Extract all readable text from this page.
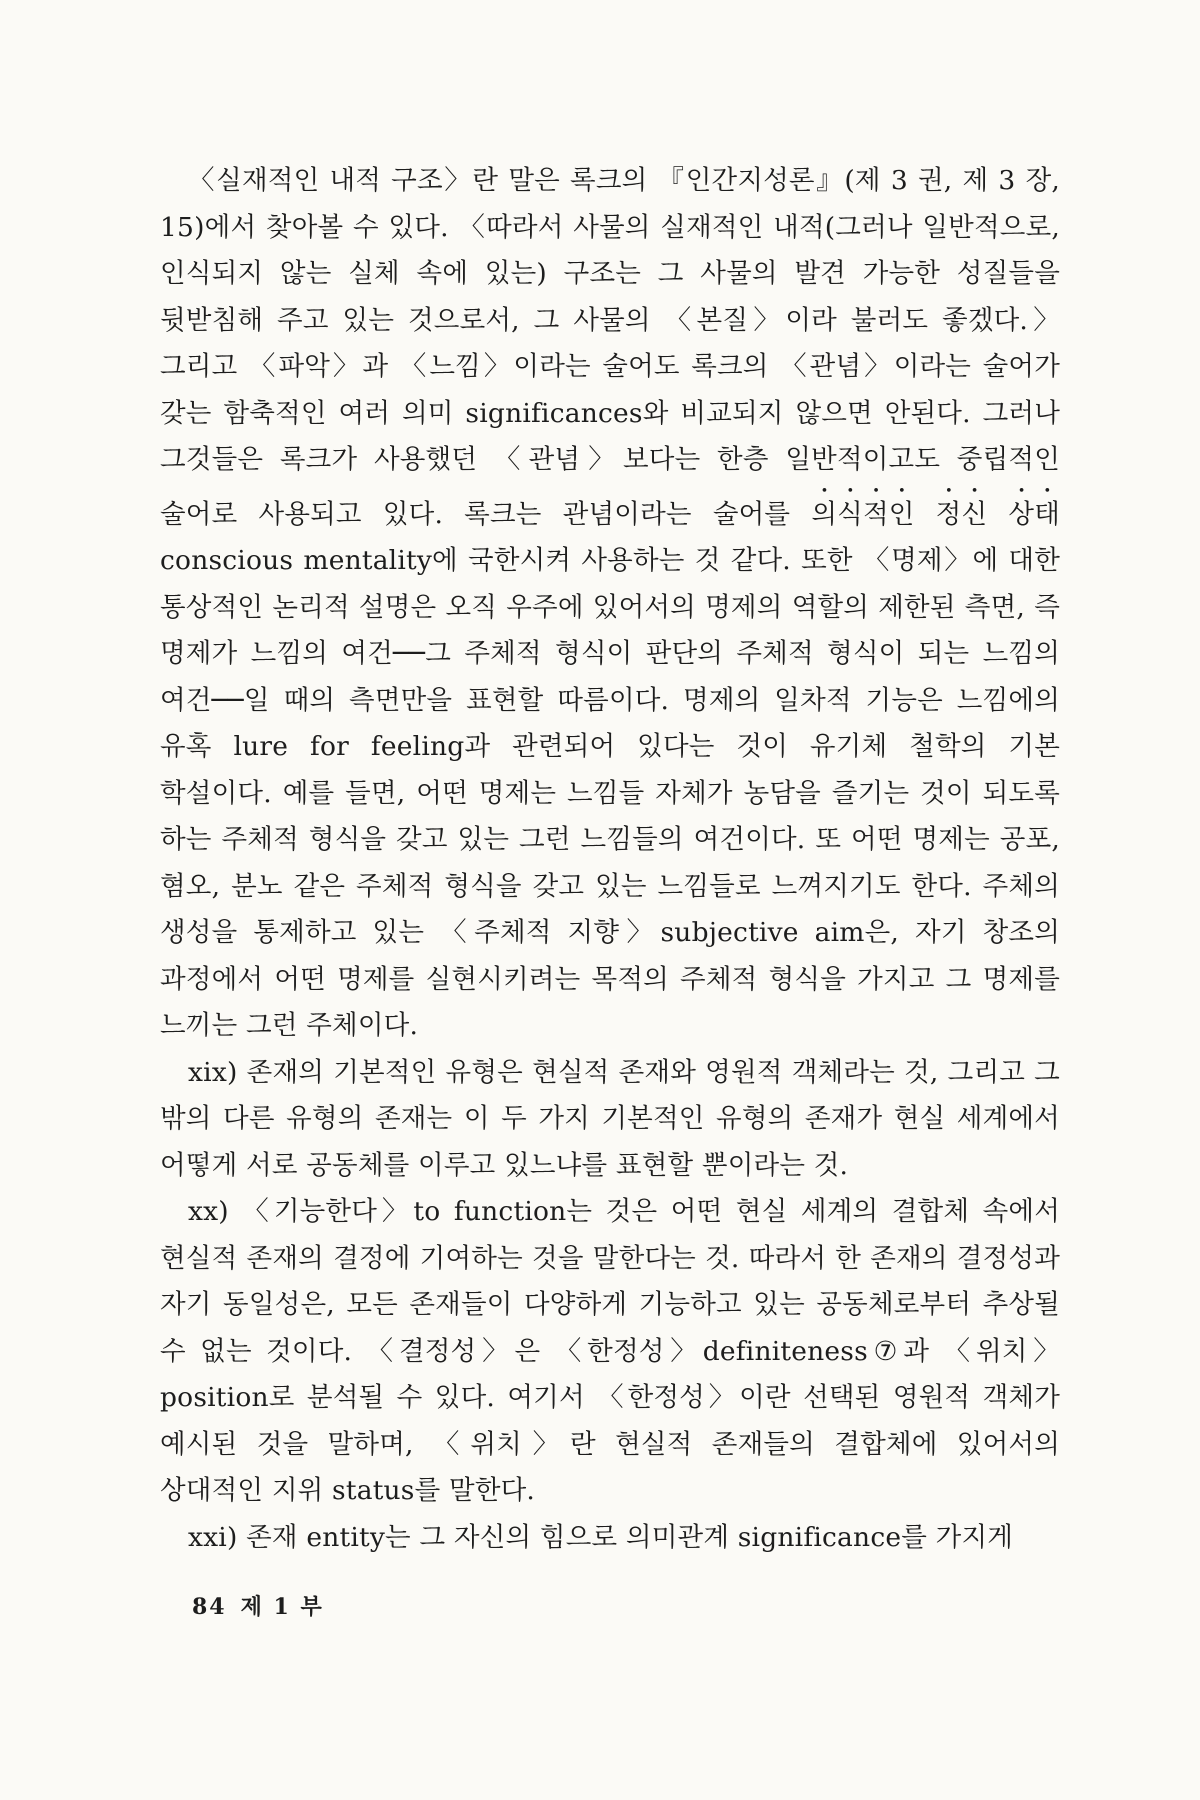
〈실재적인 내적 구조〉란 말은 록크의 『인간지성론』(제 3 권, 제 3 장, 15)에서 찾아볼 수 있다. 〈따라서 사물의 실재적인 내적(그러나 일반적으로, 인식되지 않는 실체 속에 있는) 구조는 그 사물의 발견 가능한 성질들을 뒷받침해 주고 있는 것으로서, 그 사물의 〈본질〉이라 불러도 좋겠다.〉 그리고 〈파악〉과 〈느낌〉이라는 술어도 록크의 〈관념〉이라는 술어가 갖는 함축적인 여러 의미 significances와 비교되지 않으면 안된다. 그러나 그것들은 록크가 사용했던 〈관념〉보다는 한층 일반적이고도 중립적인 술어로 사용되고 있다. 록크는 관념이라는 술어를 의식적인 정신 상태 conscious mentality에 국한시켜 사용하는 것 같다. 또한 〈명제〉에 대한 통상적인 논리적 설명은 오직 우주에 있어서의 명제의 역할의 제한된 측면, 즉 명제가 느낌의 여건──그 주체적 형식이 판단의 주체적 형식이 되는 느낌의 여건──일 때의 측면만을 표현할 따름이다. 명제의 일차적 기능은 느낌에의 유혹 lure for feeling과 관련되어 있다는 것이 유기체 철학의 기본 학설이다. 예를 들면, 어떤 명제는 느낌들 자체가 농담을 즐기는 것이 되도록 하는 주체적 형식을 갖고 있는 그런 느낌들의 여건이다. 또 어떤 명제는 공포, 혐오, 분노 같은 주체적 형식을 갖고 있는 느낌들로 느껴지기도 한다. 주체의 생성을 통제하고 있는 〈주체적 지향〉subjective aim은, 자기 창조의 과정에서 어떤 명제를 실현시키려는 목적의 주체적 형식을 가지고 그 명제를 느끼는 그런 주체이다.

xix) 존재의 기본적인 유형은 현실적 존재와 영원적 객체라는 것, 그리고 그 밖의 다른 유형의 존재는 이 두 가지 기본적인 유형의 존재가 현실 세계에서 어떻게 서로 공동체를 이루고 있느냐를 표현할 뿐이라는 것.

xx) 〈기능한다〉to function는 것은 어떤 현실 세계의 결합체 속에서 현실적 존재의 결정에 기여하는 것을 말한다는 것. 따라서 한 존재의 결정성과 자기 동일성은, 모든 존재들이 다양하게 기능하고 있는 공동체로부터 추상될 수 없는 것이다. 〈결정성〉은 〈한정성〉definiteness⑦과 〈위치〉position로 분석될 수 있다. 여기서 〈한정성〉이란 선택된 영원적 객체가 예시된 것을 말하며, 〈위치〉란 현실적 존재들의 결합체에 있어서의 상대적인 지위 status를 말한다.

xxi) 존재 entity는 그 자신의 힘으로 의미관계 significance를 가지게

84 제 1 부
